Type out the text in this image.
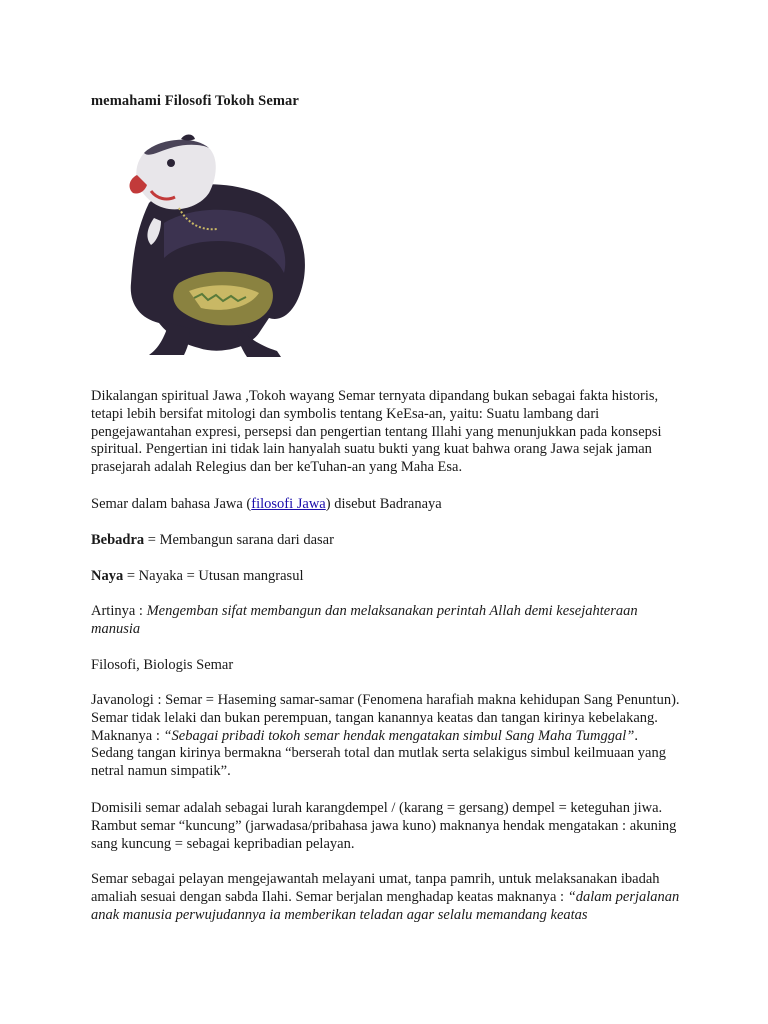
memahami Filosofi Tokoh Semar

Dikalangan spiritual Jawa ,Tokoh wayang Semar ternyata dipandang bukan sebagai fakta historis, tetapi lebih bersifat mitologi dan symbolis tentang KeEsa-an, yaitu: Suatu lambang dari pengejawantahan expresi, persepsi dan pengertian tentang Illahi yang menunjukkan pada konsepsi spiritual. Pengertian ini tidak lain hanyalah suatu bukti yang kuat bahwa orang Jawa sejak jaman prasejarah adalah Relegius dan ber keTuhan-an yang Maha Esa.

Semar dalam bahasa Jawa (filosofi Jawa) disebut Badranaya

Bebadra = Membangun sarana dari dasar

Naya = Nayaka = Utusan mangrasul

Artinya : Mengemban sifat membangun dan melaksanakan perintah Allah demi kesejahteraan manusia

Filosofi, Biologis Semar

Javanologi : Semar = Haseming samar-samar (Fenomena harafiah makna kehidupan Sang Penuntun). Semar tidak lelaki dan bukan perempuan, tangan kanannya keatas dan tangan kirinya kebelakang. Maknanya : “Sebagai pribadi tokoh semar hendak mengatakan simbul Sang Maha Tumggal”. Sedang tangan kirinya bermakna “berserah total dan mutlak serta selakigus simbul keilmuaan yang netral namun simpatik”.

Domisili semar adalah sebagai lurah karangdempel / (karang = gersang) dempel = keteguhan jiwa. Rambut semar “kuncung” (jarwadasa/pribahasa jawa kuno) maknanya hendak mengatakan : akuning sang kuncung = sebagai kepribadian pelayan.

Semar sebagai pelayan mengejawantah melayani umat, tanpa pamrih, untuk melaksanakan ibadah amaliah sesuai dengan sabda Ilahi. Semar berjalan menghadap keatas maknanya : “dalam perjalanan anak manusia perwujudannya ia memberikan teladan agar selalu memandang keatas
